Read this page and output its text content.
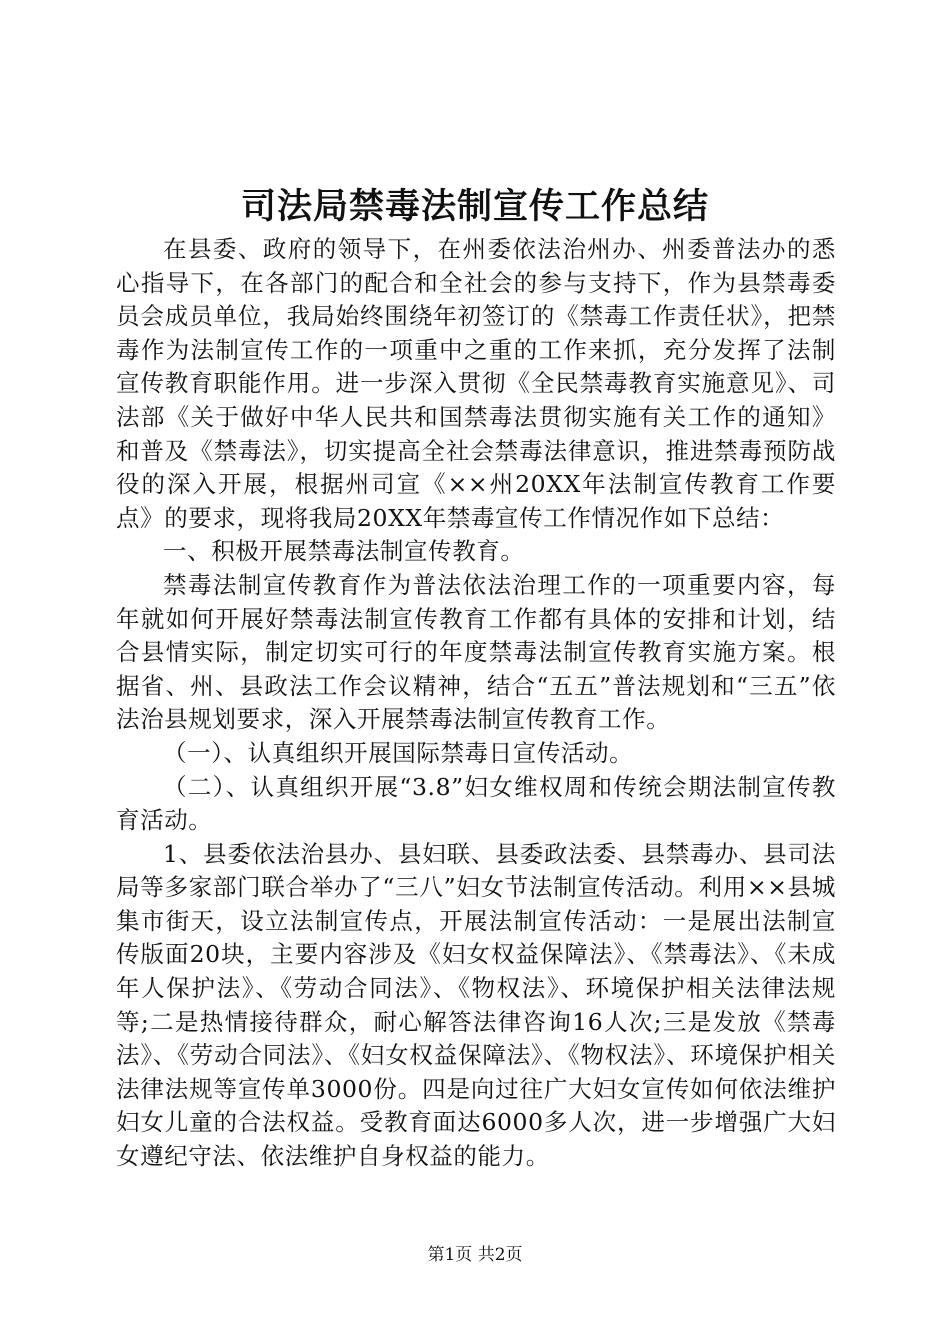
司法局禁毒法制宣传工作总结

在县委、政府的领导下，在州委依法治州办、州委普法办的悉心指导下，在各部门的配合和全社会的参与支持下，作为县禁毒委员会成员单位，我局始终围绕年初签订的《禁毒工作责任状》，把禁毒作为法制宣传工作的一项重中之重的工作来抓，充分发挥了法制宣传教育职能作用。进一步深入贯彻《全民禁毒教育实施意见》、司法部《关于做好中华人民共和国禁毒法贯彻实施有关工作的通知》和普及《禁毒法》，切实提高全社会禁毒法律意识，推进禁毒预防战役的深入开展，根据州司宣《××州20XX年法制宣传教育工作要点》的要求，现将我局20XX年禁毒宣传工作情况作如下总结：

一、积极开展禁毒法制宣传教育。

禁毒法制宣传教育作为普法依法治理工作的一项重要内容，每年就如何开展好禁毒法制宣传教育工作都有具体的安排和计划，结合县情实际，制定切实可行的年度禁毒法制宣传教育实施方案。根据省、州、县政法工作会议精神，结合“五五”普法规划和“三五”依法治县规划要求，深入开展禁毒法制宣传教育工作。

（一）、认真组织开展国际禁毒日宣传活动。

（二）、认真组织开展“3.8”妇女维权周和传统会期法制宣传教育活动。

1、县委依法治县办、县妇联、县委政法委、县禁毒办、县司法局等多家部门联合举办了“三八”妇女节法制宣传活动。利用××县城集市街天，设立法制宣传点，开展法制宣传活动：一是展出法制宣传版面20块，主要内容涉及《妇女权益保障法》、《禁毒法》、《未成年人保护法》、《劳动合同法》、《物权法》、环境保护相关法律法规等;二是热情接待群众，耐心解答法律咨询16人次;三是发放《禁毒法》、《劳动合同法》、《妇女权益保障法》、《物权法》、环境保护相关法律法规等宣传单3000份。四是向过往广大妇女宣传如何依法维护妇女儿童的合法权益。受教育面达6000多人次，进一步增强广大妇女遵纪守法、依法维护自身权益的能力。

第1页 共2页
